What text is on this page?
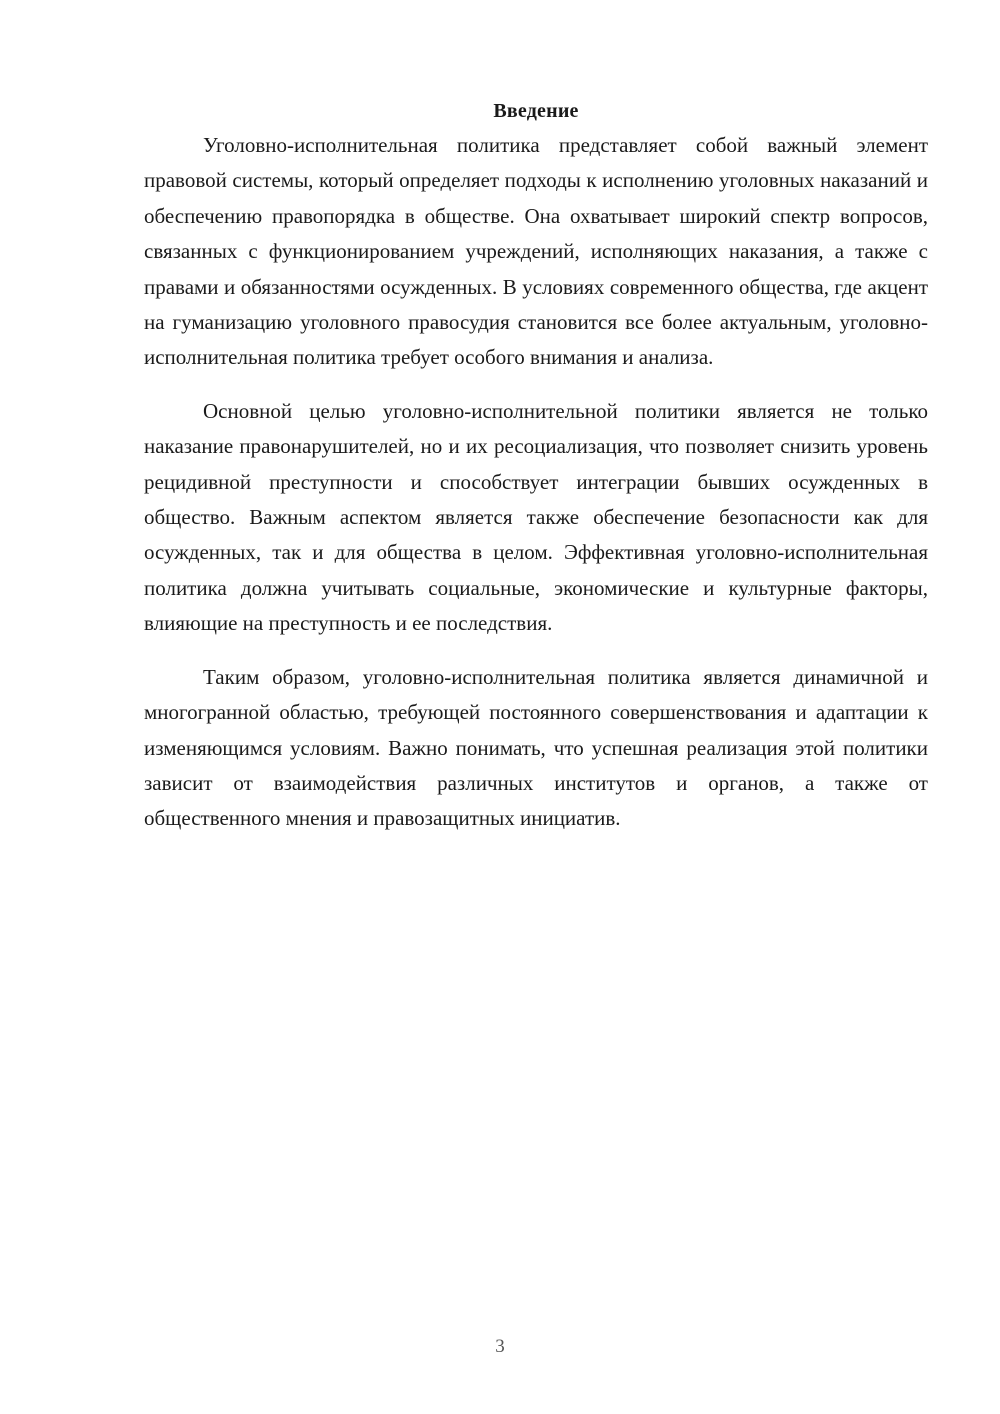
Введение

Уголовно-исполнительная политика представляет собой важный элемент правовой системы, который определяет подходы к исполнению уголовных наказаний и обеспечению правопорядка в обществе. Она охватывает широкий спектр вопросов, связанных с функционированием учреждений, исполняющих наказания, а также с правами и обязанностями осужденных. В условиях современного общества, где акцент на гуманизацию уголовного правосудия становится все более актуальным, уголовно-исполнительная политика требует особого внимания и анализа.

Основной целью уголовно-исполнительной политики является не только наказание правонарушителей, но и их ресоциализация, что позволяет снизить уровень рецидивной преступности и способствует интеграции бывших осужденных в общество. Важным аспектом является также обеспечение безопасности как для осужденных, так и для общества в целом. Эффективная уголовно-исполнительная политика должна учитывать социальные, экономические и культурные факторы, влияющие на преступность и ее последствия.

Таким образом, уголовно-исполнительная политика является динамичной и многогранной областью, требующей постоянного совершенствования и адаптации к изменяющимся условиям. Важно понимать, что успешная реализация этой политики зависит от взаимодействия различных институтов и органов, а также от общественного мнения и правозащитных инициатив.

3
